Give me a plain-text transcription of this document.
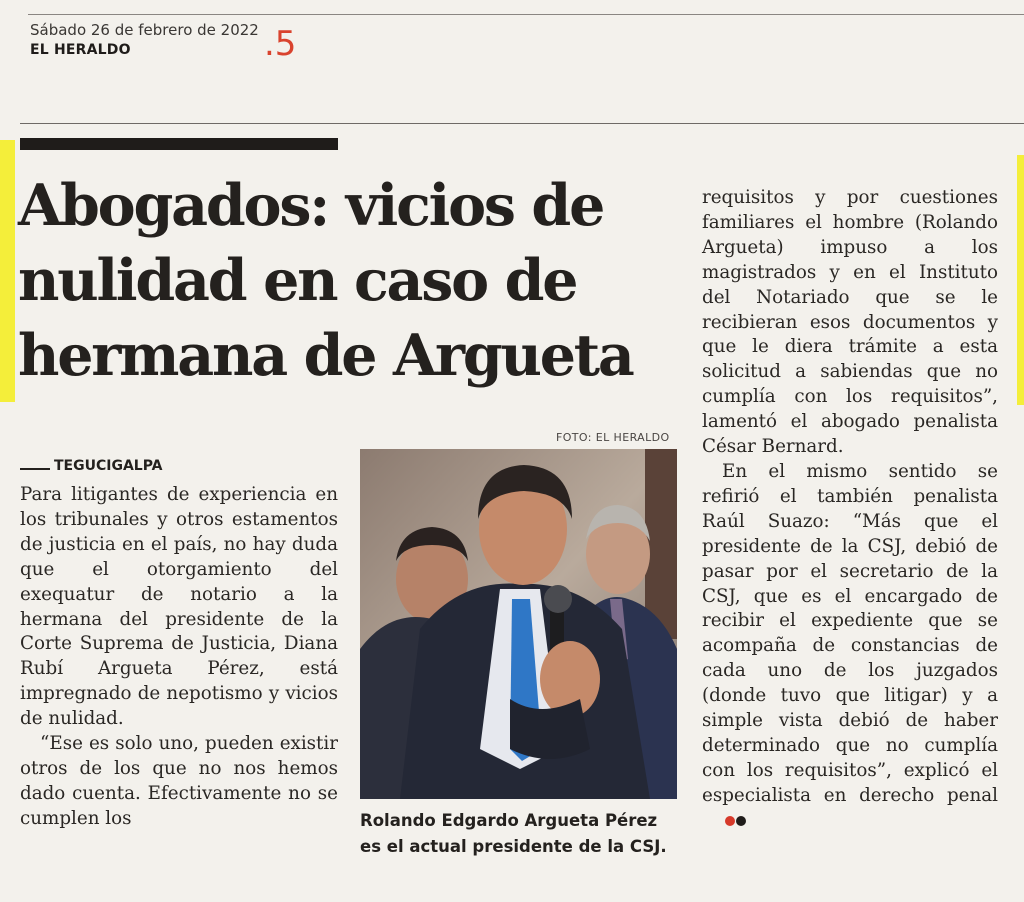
Sábado 26 de febrero de 2022
EL HERALDO	.5
Abogados: vicios de nulidad en caso de hermana de Argueta
TEGUCIGALPA

Para litigantes de experiencia en los tribunales y otros estamentos de justicia en el país, no hay duda que el otorgamiento del exequatur de notario a la hermana del presidente de la Corte Suprema de Justicia, Diana Rubí Argueta Pérez, está impregnado de nepotismo y vicios de nulidad.

“Ese es solo uno, pueden existir otros de los que no nos hemos dado cuenta. Efectivamente no se cumplen los

FOTO: EL HERALDO
Rolando Edgardo Argueta Pérez es el actual presidente de la CSJ.

requisitos y por cuestiones familiares el hombre (Rolando Argueta) impuso a los magistrados y en el Instituto del Notariado que se le recibieran esos documentos y que le diera trámite a esta solicitud a sabiendas que no cumplía con los requisitos”, lamentó el abogado penalista César Bernard.

En el mismo sentido se refirió el también penalista Raúl Suazo: “Más que el presidente de la CSJ, debió de pasar por el secretario de la CSJ, que es el encargado de recibir el expediente que se acompaña de constancias de cada uno de los juzgados (donde tuvo que litigar) y a simple vista debió de haber determinado que no cumplía con los requisitos”, explicó el especialista en derecho penal
